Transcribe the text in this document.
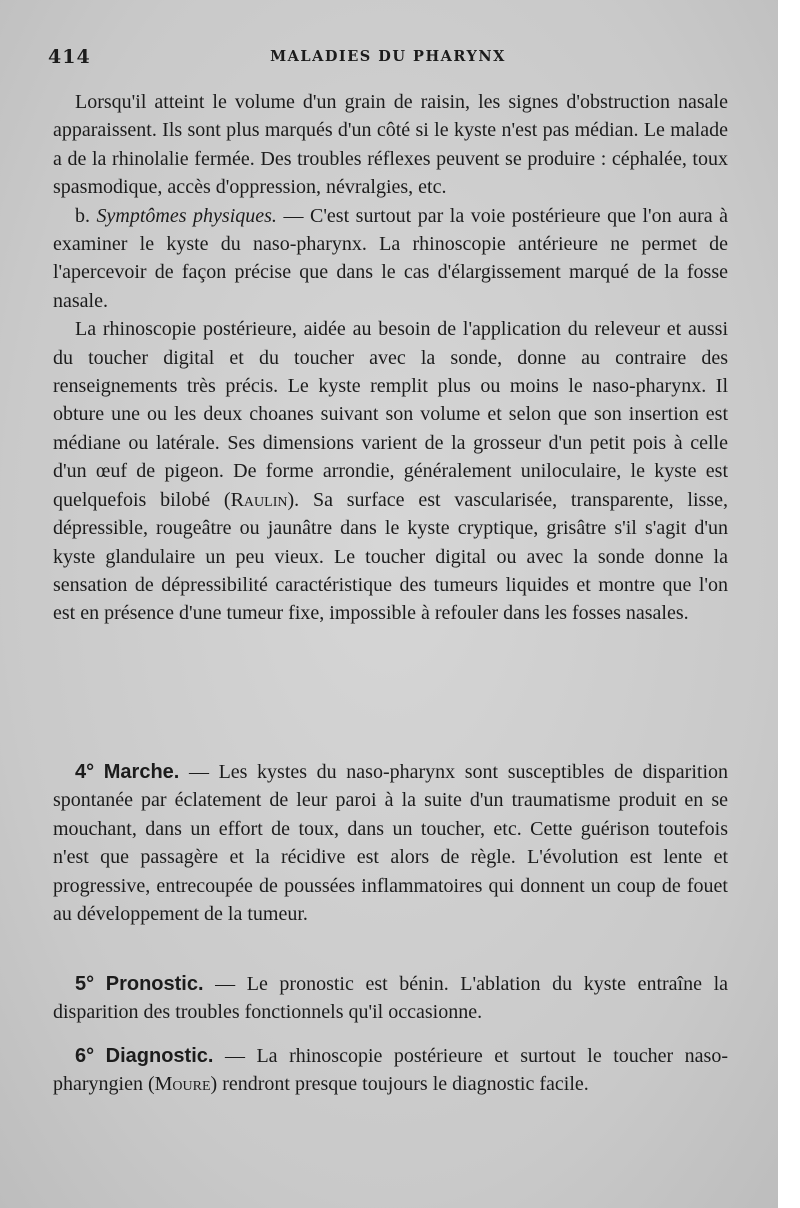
414	MALADIES DU PHARYNX

Lorsqu'il atteint le volume d'un grain de raisin, les signes d'obstruction nasale apparaissent. Ils sont plus marqués d'un côté si le kyste n'est pas médian. Le malade a de la rhinolalie fermée. Des troubles réflexes peuvent se produire : céphalée, toux spasmodique, accès d'oppression, névralgies, etc.

b. Symptômes physiques. — C'est surtout par la voie postérieure que l'on aura à examiner le kyste du naso-pharynx. La rhinoscopie antérieure ne permet de l'apercevoir de façon précise que dans le cas d'élargissement marqué de la fosse nasale.

La rhinoscopie postérieure, aidée au besoin de l'application du releveur et aussi du toucher digital et du toucher avec la sonde, donne au contraire des renseignements très précis. Le kyste remplit plus ou moins le naso-pharynx. Il obture une ou les deux choanes suivant son volume et selon que son insertion est médiane ou latérale. Ses dimensions varient de la grosseur d'un petit pois à celle d'un œuf de pigeon. De forme arrondie, généralement uniloculaire, le kyste est quelquefois bilobé (Raulin). Sa surface est vascularisée, transparente, lisse, dépressible, rougeâtre ou jaunâtre dans le kyste cryptique, grisâtre s'il s'agit d'un kyste glandulaire un peu vieux. Le toucher digital ou avec la sonde donne la sensation de dépressibilité caractéristique des tumeurs liquides et montre que l'on est en présence d'une tumeur fixe, impossible à refouler dans les fosses nasales.

4° Marche. — Les kystes du naso-pharynx sont susceptibles de disparition spontanée par éclatement de leur paroi à la suite d'un traumatisme produit en se mouchant, dans un effort de toux, dans un toucher, etc. Cette guérison toutefois n'est que passagère et la récidive est alors de règle. L'évolution est lente et progressive, entrecoupée de poussées inflammatoires qui donnent un coup de fouet au développement de la tumeur.

5° Pronostic. — Le pronostic est bénin. L'ablation du kyste entraîne la disparition des troubles fonctionnels qu'il occasionne.

6° Diagnostic. — La rhinoscopie postérieure et surtout le toucher naso-pharyngien (Moure) rendront presque toujours le diagnostic facile.
